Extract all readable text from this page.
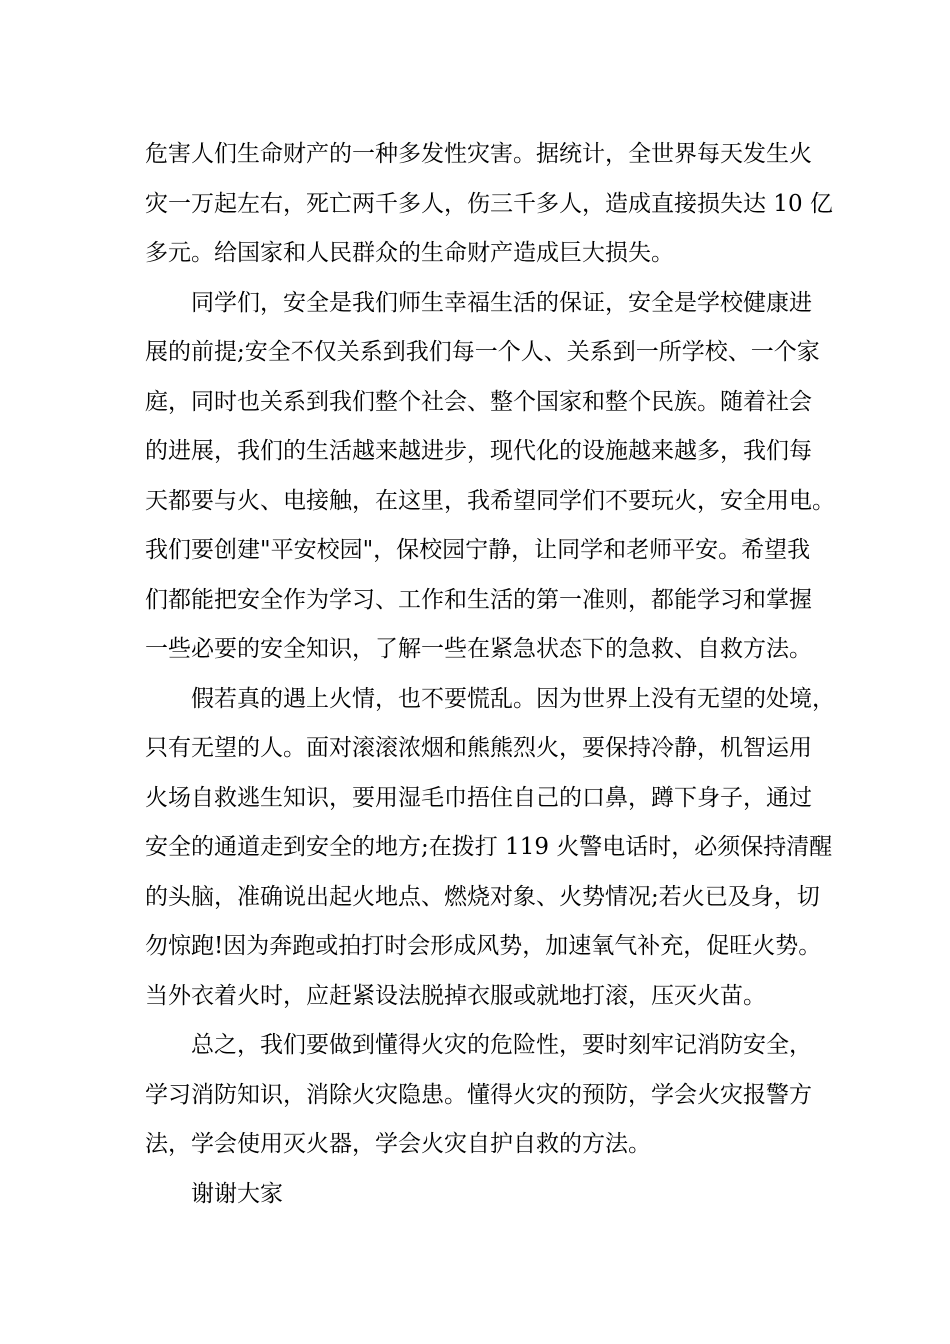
危害人们生命财产的一种多发性灾害。据统计，全世界每天发生火
灾一万起左右，死亡两千多人，伤三千多人，造成直接损失达 10 亿
多元。给国家和人民群众的生命财产造成巨大损失。
同学们，安全是我们师生幸福生活的保证，安全是学校健康进
展的前提;安全不仅关系到我们每一个人、关系到一所学校、一个家
庭，同时也关系到我们整个社会、整个国家和整个民族。随着社会
的进展，我们的生活越来越进步，现代化的设施越来越多，我们每
天都要与火、电接触，在这里，我希望同学们不要玩火，安全用电。
我们要创建"平安校园"，保校园宁静，让同学和老师平安。希望我
们都能把安全作为学习、工作和生活的第一准则，都能学习和掌握
一些必要的安全知识，了解一些在紧急状态下的急救、自救方法。
假若真的遇上火情，也不要慌乱。因为世界上没有无望的处境，
只有无望的人。面对滚滚浓烟和熊熊烈火，要保持冷静，机智运用
火场自救逃生知识，要用湿毛巾捂住自己的口鼻，蹲下身子，通过
安全的通道走到安全的地方;在拨打 119 火警电话时，必须保持清醒
的头脑，准确说出起火地点、燃烧对象、火势情况;若火已及身，切
勿惊跑!因为奔跑或拍打时会形成风势，加速氧气补充，促旺火势。
当外衣着火时，应赶紧设法脱掉衣服或就地打滚，压灭火苗。
总之，我们要做到懂得火灾的危险性，要时刻牢记消防安全，
学习消防知识，消除火灾隐患。懂得火灾的预防，学会火灾报警方
法，学会使用灭火器，学会火灾自护自救的方法。
谢谢大家
